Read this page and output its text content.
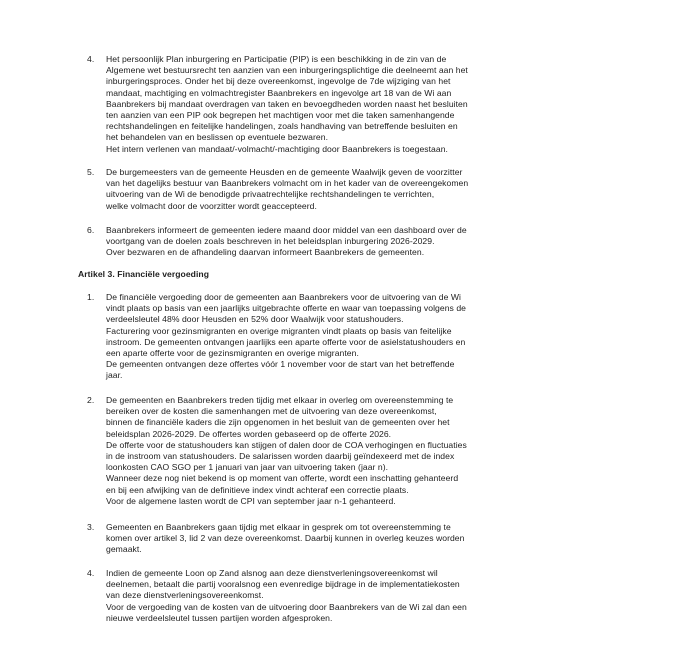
4. Het persoonlijk Plan inburgering en Participatie (PIP) is een beschikking in de zin van de
Algemene wet bestuursrecht ten aanzien van een inburgeringsplichtige die deelneemt aan het
inburgeringsproces. Onder het bij deze overeenkomst, ingevolge de 7de wijziging van het
mandaat, machtiging en volmachtregister Baanbrekers en ingevolge art 18 van de Wi aan
Baanbrekers bij mandaat overdragen van taken en bevoegdheden worden naast het besluiten
ten aanzien van een PIP ook begrepen het machtigen voor met die taken samenhangende
rechtshandelingen en feitelijke handelingen, zoals handhaving van betreffende besluiten en
het behandelen van en beslissen op eventuele bezwaren.
Het intern verlenen van mandaat/-volmacht/-machtiging door Baanbrekers is toegestaan.
5. De burgemeesters van de gemeente Heusden en de gemeente Waalwijk geven de voorzitter
van het dagelijks bestuur van Baanbrekers volmacht om in het kader van de overeengekomen
uitvoering van de Wi de benodigde privaatrechtelijke rechtshandelingen te verrichten,
welke volmacht door de voorzitter wordt geaccepteerd.
6. Baanbrekers informeert de gemeenten iedere maand door middel van een dashboard over de
voortgang van de doelen zoals beschreven in het beleidsplan inburgering 2026-2029.
Over bezwaren en de afhandeling daarvan informeert Baanbrekers de gemeenten.
Artikel 3. Financiële vergoeding
1. De financiële vergoeding door de gemeenten aan Baanbrekers voor de uitvoering van de Wi
vindt plaats op basis van een jaarlijks uitgebrachte offerte en waar van toepassing volgens de
verdeelsleutel 48% door Heusden en 52% door Waalwijk voor statushouders.
Facturering voor gezinsmigranten en overige migranten vindt plaats op basis van feitelijke
instroom. De gemeenten ontvangen jaarlijks een aparte offerte voor de asielstatushouders en
een aparte offerte voor de gezinsmigranten en overige migranten.
De gemeenten ontvangen deze offertes vóór 1 november voor de start van het betreffende
jaar.
2. De gemeenten en Baanbrekers treden tijdig met elkaar in overleg om overeenstemming te
bereiken over de kosten die samenhangen met de uitvoering van deze overeenkomst,
binnen de financiële kaders die zijn opgenomen in het besluit van de gemeenten over het
beleidsplan 2026-2029. De offertes worden gebaseerd op de offerte 2026.
De offerte voor de statushouders kan stijgen of dalen door de COA verhogingen en fluctuaties
in de instroom van statushouders. De salarissen worden daarbij geïndexeerd met de index
loonkosten CAO SGO per 1 januari van jaar van uitvoering taken (jaar n).
Wanneer deze nog niet bekend is op moment van offerte, wordt een inschatting gehanteerd
en bij een afwijking van de definitieve index vindt achteraf een correctie plaats.
Voor de algemene lasten wordt de CPI van september jaar n-1 gehanteerd.
3. Gemeenten en Baanbrekers gaan tijdig met elkaar in gesprek om tot overeenstemming te
komen over artikel 3, lid 2 van deze overeenkomst. Daarbij kunnen in overleg keuzes worden
gemaakt.
4. Indien de gemeente Loon op Zand alsnog aan deze dienstverleningsovereenkomst wil
deelnemen, betaalt die partij vooralsnog een evenredige bijdrage in de implementatiekosten
van deze dienstverleningsovereenkomst.
Voor de vergoeding van de kosten van de uitvoering door Baanbrekers van de Wi zal dan een
nieuwe verdeelsleutel tussen partijen worden afgesproken.
